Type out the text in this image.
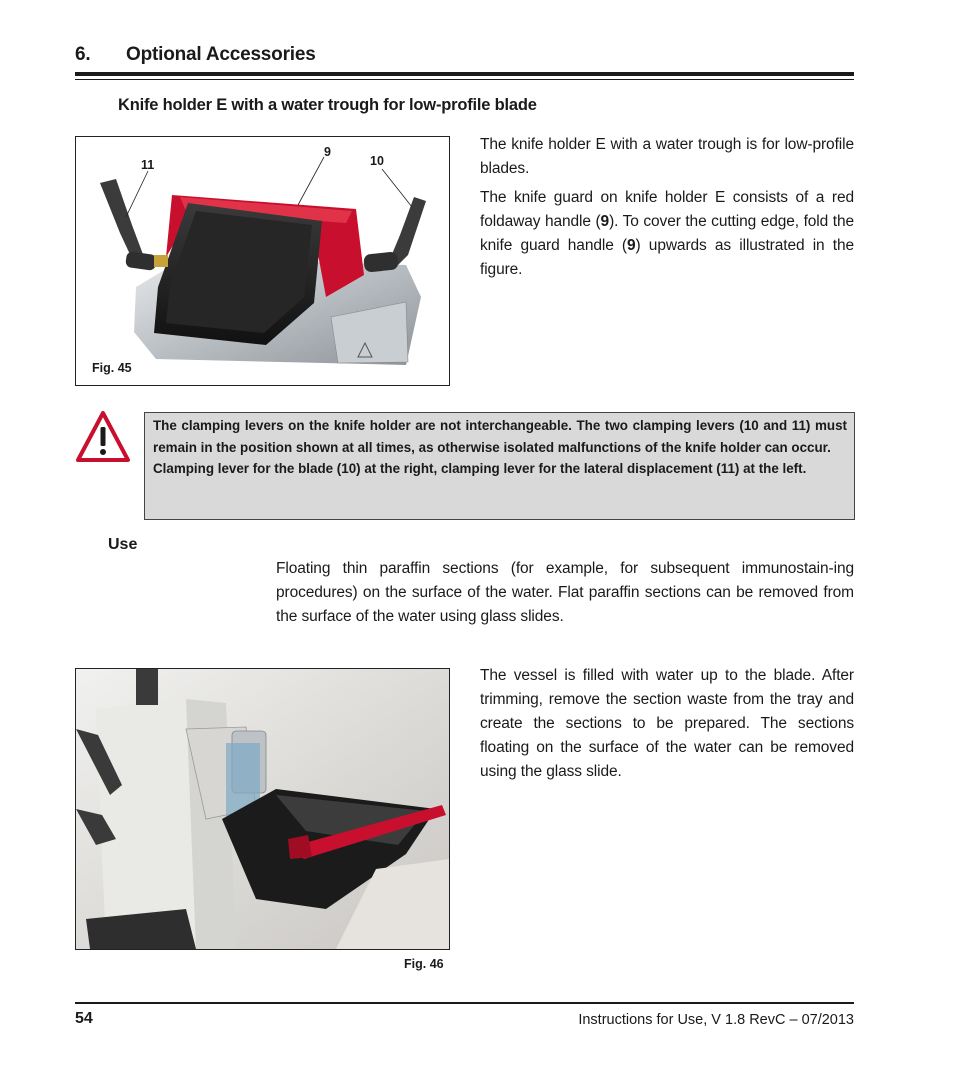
6. Optional Accessories
Knife holder E with a water trough for low-profile blade
9
10
11
Fig. 45

The knife holder E with a water trough is for low-profile blades.

The knife guard on knife holder E consists of a red foldaway handle (9). To cover the cutting edge, fold the knife guard handle (9) upwards as illustrated in the figure.

The clamping levers on the knife holder are not interchangeable. The two clamping levers (10 and 11) must remain in the position shown at all times, as otherwise isolated malfunctions of the knife holder can occur.

Clamping lever for the blade (10) at the right, clamping lever for the lateral displacement (11) at the left.

Use
Floating thin paraffin sections (for example, for subsequent immunostain-ing procedures) on the surface of the water. Flat paraffin sections can be removed from the surface of the water using glass slides.
Fig. 46
The vessel is filled with water up to the blade. After trimming, remove the section waste from the tray and create the sections to be prepared. The sections floating on the surface of the water can be removed using the glass slide.
54	Instructions for Use, V 1.8 RevC – 07/2013
